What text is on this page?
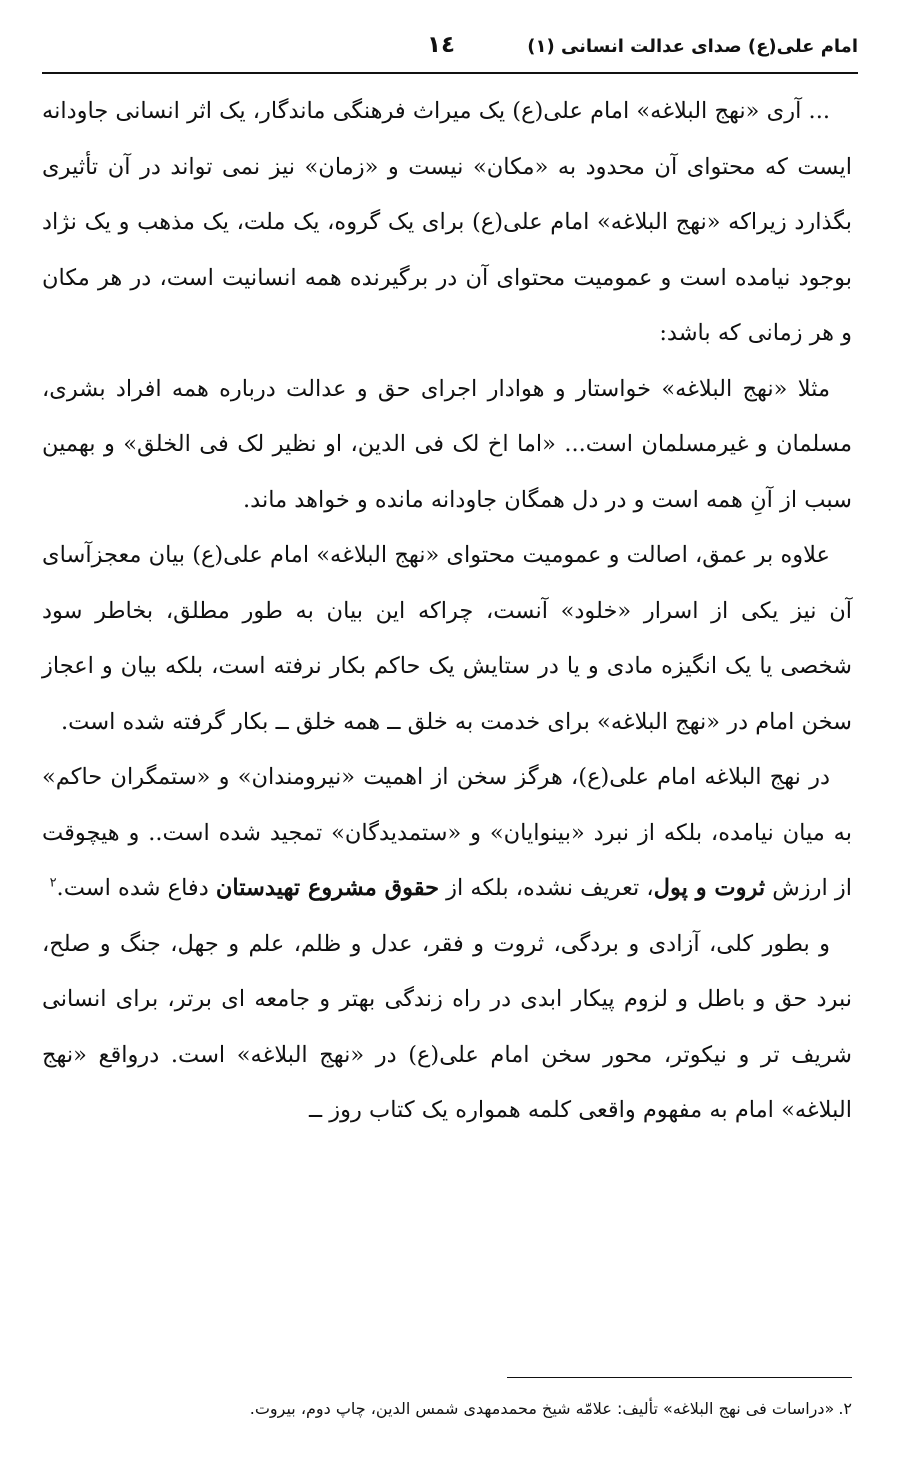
امام علی(ع) صدای عدالت انسانی (۱)
۱٤

... آری «نهج البلاغه» امام علی(ع) یک میراث فرهنگی ماندگار، یک اثر انسانی جاودانه ایست که محتوای آن محدود به «مکان» نیست و «زمان» نیز نمی تواند در آن تأثیری بگذارد زیراکه «نهج البلاغه» امام علی(ع) برای یک گروه، یک ملت، یک مذهب و یک نژاد بوجود نیامده است و عمومیت محتوای آن در برگیرنده همه انسانیت است، در هر مکان و هر زمانی که باشد:

مثلا «نهج البلاغه» خواستار و هوادار اجرای حق و عدالت درباره همه افراد بشری، مسلمان و غیرمسلمان است... «اما اخ لک فی الدین، او نظیر لک فی الخلق» و بهمین سبب از آنِ همه است و در دل همگان جاودانه مانده و خواهد ماند.

علاوه بر عمق، اصالت و عمومیت محتوای «نهج البلاغه» امام علی(ع) بیان معجزآسای آن نیز یکی از اسرار «خلود» آنست، چراکه این بیان به طور مطلق، بخاطر سود شخصی یا یک انگیزه مادی و یا در ستایش یک حاکم بکار نرفته است، بلکه بیان و اعجاز سخن امام در «نهج البلاغه» برای خدمت به خلق ــ همه خلق ــ بکار گرفته شده است.

در نهج البلاغه امام علی(ع)، هرگز سخن از اهمیت «نیرومندان» و «ستمگران حاکم» به میان نیامده، بلکه از نبرد «بینوایان» و «ستمدیدگان» تمجید شده است.. و هیچوقت از ارزش ثروت و پول، تعریف نشده، بلکه از حقوق مشروع تهیدستان دفاع شده است.$^۲$

و بطور کلی، آزادی و بردگی، ثروت و فقر، عدل و ظلم، علم و جهل، جنگ و صلح، نبرد حق و باطل و لزوم پیکار ابدی در راه زندگی بهتر و جامعه ای برتر، برای انسانی شریف تر و نیکوتر، محور سخن امام علی(ع) در «نهج البلاغه» است. درواقع «نهج البلاغه» امام به مفهوم واقعی کلمه همواره یک کتاب روز ــ

۲.«دراسات فی نهج البلاغه» تألیف: علامّه شیخ محمدمهدی شمس الدین، چاپ دوم، بیروت.
